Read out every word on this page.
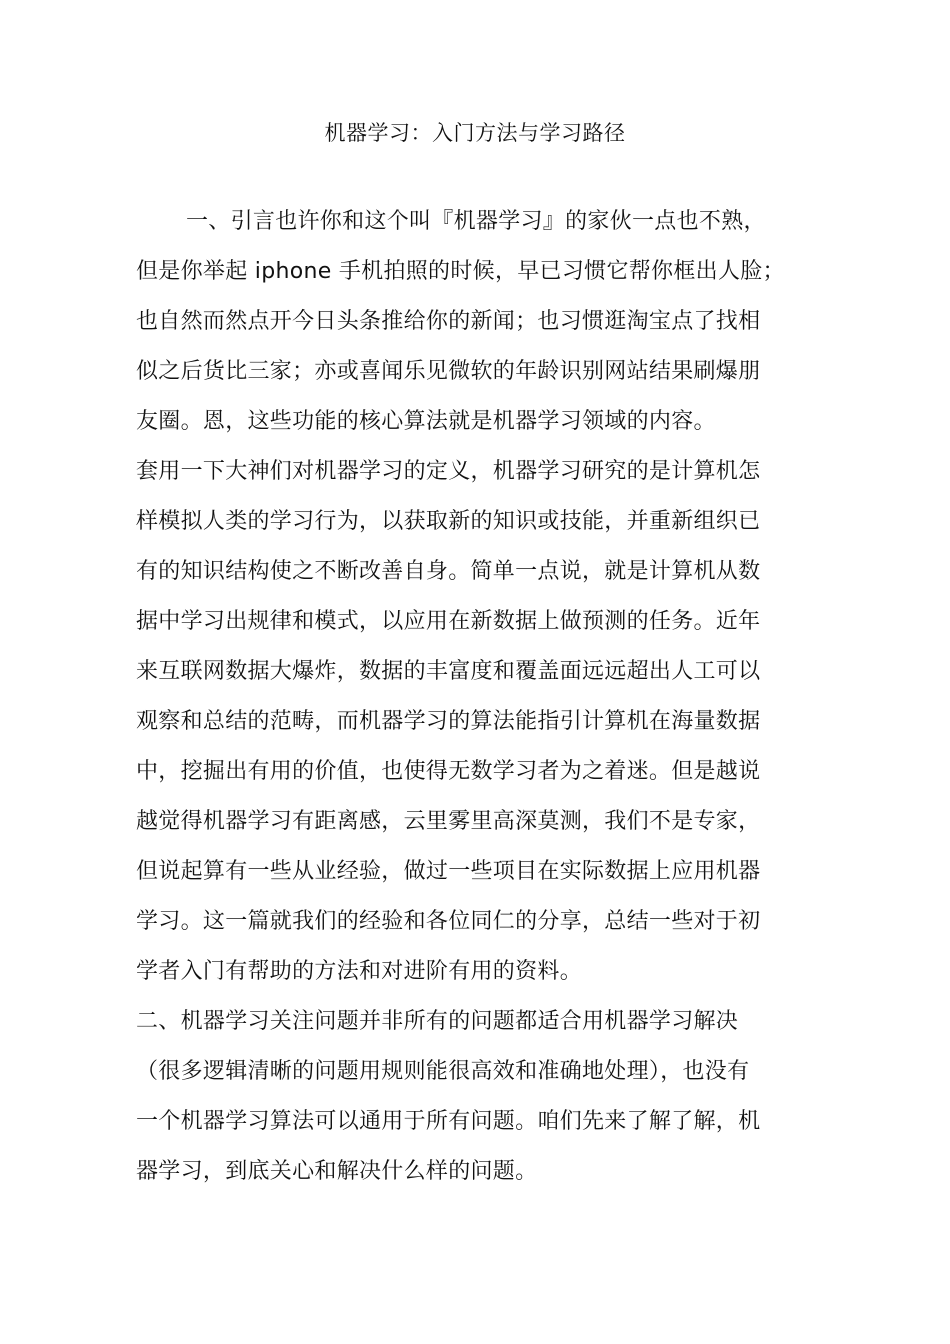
机器学习：入门方法与学习路径
一、引言也许你和这个叫『机器学习』的家伙一点也不熟，
但是你举起 iphone 手机拍照的时候，早已习惯它帮你框出人脸；
也自然而然点开今日头条推给你的新闻；也习惯逛淘宝点了找相
似之后货比三家；亦或喜闻乐见微软的年龄识别网站结果刷爆朋
友圈。恩，这些功能的核心算法就是机器学习领域的内容。
套用一下大神们对机器学习的定义，机器学习研究的是计算机怎
样模拟人类的学习行为，以获取新的知识或技能，并重新组织已
有的知识结构使之不断改善自身。简单一点说，就是计算机从数
据中学习出规律和模式，以应用在新数据上做预测的任务。近年
来互联网数据大爆炸，数据的丰富度和覆盖面远远超出人工可以
观察和总结的范畴，而机器学习的算法能指引计算机在海量数据
中，挖掘出有用的价值，也使得无数学习者为之着迷。但是越说
越觉得机器学习有距离感，云里雾里高深莫测，我们不是专家，
但说起算有一些从业经验，做过一些项目在实际数据上应用机器
学习。这一篇就我们的经验和各位同仁的分享，总结一些对于初
学者入门有帮助的方法和对进阶有用的资料。
二、机器学习关注问题并非所有的问题都适合用机器学习解决
（很多逻辑清晰的问题用规则能很高效和准确地处理），也没有
一个机器学习算法可以通用于所有问题。咱们先来了解了解，机
器学习，到底关心和解决什么样的问题。
